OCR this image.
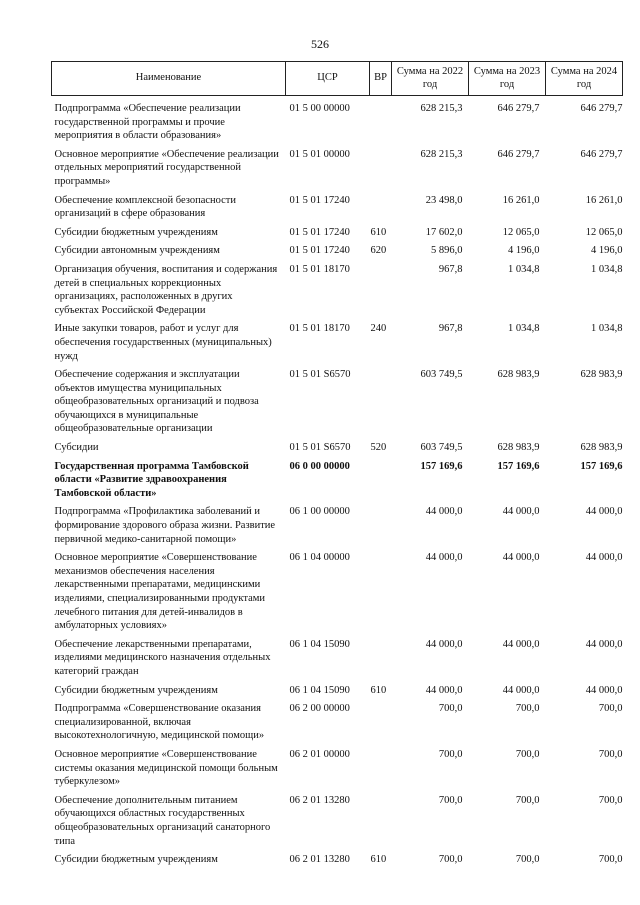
526
Наименование	ЦСР	ВР	Сумма на 2022 год	Сумма на 2023 год	Сумма на 2024 год
Подпрограмма «Обеспечение реализации государственной программы и прочие мероприятия в области образования»	01 5 00 00000		628 215,3	646 279,7	646 279,7
Основное мероприятие «Обеспечение реализации отдельных мероприятий государственной программы»	01 5 01 00000		628 215,3	646 279,7	646 279,7
Обеспечение комплексной безопасности организаций в сфере образования	01 5 01 17240		23 498,0	16 261,0	16 261,0
Субсидии бюджетным учреждениям	01 5 01 17240	610	17 602,0	12 065,0	12 065,0
Субсидии автономным учреждениям	01 5 01 17240	620	5 896,0	4 196,0	4 196,0
Организация обучения, воспитания и содержания детей в специальных коррекционных организациях, расположенных в других субъектах Российской Федерации	01 5 01 18170		967,8	1 034,8	1 034,8
Иные закупки товаров, работ и услуг для обеспечения государственных (муниципальных) нужд	01 5 01 18170	240	967,8	1 034,8	1 034,8
Обеспечение содержания и эксплуатации объектов имущества муниципальных общеобразовательных организаций и подвоза обучающихся в муниципальные общеобразовательные организации	01 5 01 S6570		603 749,5	628 983,9	628 983,9
Субсидии	01 5 01 S6570	520	603 749,5	628 983,9	628 983,9
Государственная программа Тамбовской области «Развитие здравоохранения Тамбовской области»	06 0 00 00000		157 169,6	157 169,6	157 169,6
Подпрограмма «Профилактика заболеваний и формирование здорового образа жизни. Развитие первичной медико-санитарной помощи»	06 1 00 00000		44 000,0	44 000,0	44 000,0
Основное мероприятие «Совершенствование механизмов обеспечения населения лекарственными препаратами, медицинскими изделиями, специализированными продуктами лечебного питания для детей-инвалидов в амбулаторных условиях»	06 1 04 00000		44 000,0	44 000,0	44 000,0
Обеспечение лекарственными препаратами, изделиями медицинского назначения отдельных категорий граждан	06 1 04 15090		44 000,0	44 000,0	44 000,0
Субсидии бюджетным учреждениям	06 1 04 15090	610	44 000,0	44 000,0	44 000,0
Подпрограмма «Совершенствование оказания специализированной, включая высокотехнологичную, медицинской помощи»	06 2 00 00000		700,0	700,0	700,0
Основное мероприятие «Совершенствование системы оказания медицинской помощи больным туберкулезом»	06 2 01 00000		700,0	700,0	700,0
Обеспечение дополнительным питанием обучающихся областных государственных общеобразовательных организаций санаторного типа	06 2 01 13280		700,0	700,0	700,0
Субсидии бюджетным учреждениям	06 2 01 13280	610	700,0	700,0	700,0
